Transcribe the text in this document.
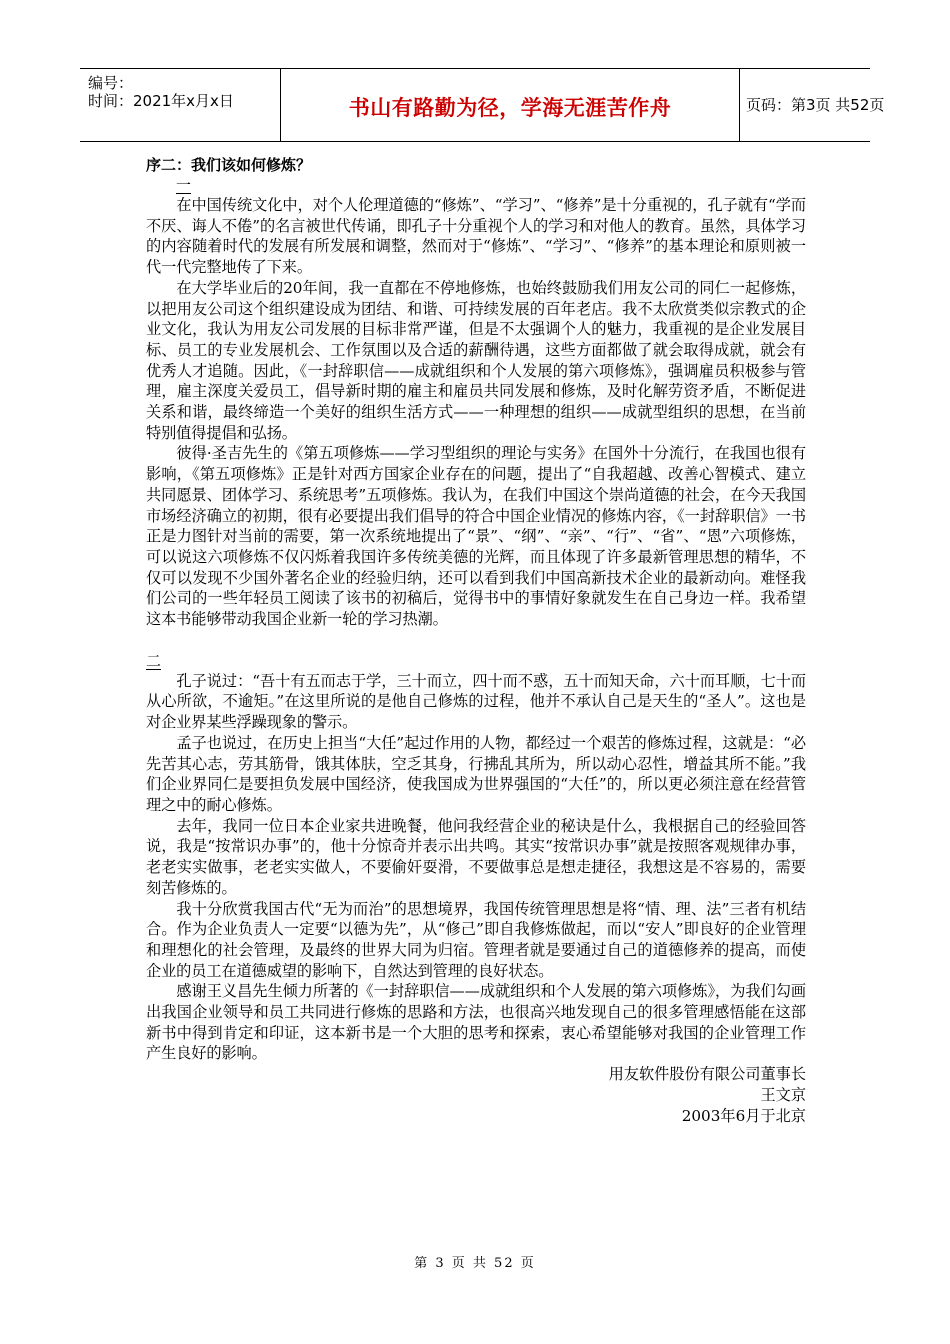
编号：
时间：2021年x月x日	书山有路勤为径，学海无涯苦作舟	页码：第3页 共52页
序二：我们该如何修炼？
一

在中国传统文化中，对个人伦理道德的“修炼”、“学习”、“修养”是十分重视的，孔子就有“学而不厌、诲人不倦”的名言被世代传诵，即孔子十分重视个人的学习和对他人的教育。虽然，具体学习的内容随着时代的发展有所发展和调整，然而对于“修炼”、“学习”、“修养”的基本理论和原则被一代一代完整地传了下来。

在大学毕业后的20年间，我一直都在不停地修炼，也始终鼓励我们用友公司的同仁一起修炼，以把用友公司这个组织建设成为团结、和谐、可持续发展的百年老店。我不太欣赏类似宗教式的企业文化，我认为用友公司发展的目标非常严谨，但是不太强调个人的魅力，我重视的是企业发展目标、员工的专业发展机会、工作氛围以及合适的薪酬待遇，这些方面都做了就会取得成就，就会有优秀人才追随。因此，《一封辞职信——成就组织和个人发展的第六项修炼》，强调雇员积极参与管理，雇主深度关爱员工，倡导新时期的雇主和雇员共同发展和修炼，及时化解劳资矛盾，不断促进关系和谐，最终缔造一个美好的组织生活方式——一种理想的组织——成就型组织的思想，在当前特别值得提倡和弘扬。

彼得·圣吉先生的《第五项修炼——学习型组织的理论与实务》在国外十分流行，在我国也很有影响，《第五项修炼》正是针对西方国家企业存在的问题，提出了“自我超越、改善心智模式、建立共同愿景、团体学习、系统思考”五项修炼。我认为，在我们中国这个崇尚道德的社会，在今天我国市场经济确立的初期，很有必要提出我们倡导的符合中国企业情况的修炼内容，《一封辞职信》一书正是力图针对当前的需要，第一次系统地提出了“景”、“纲”、“亲”、“行”、“省”、“恩”六项修炼，可以说这六项修炼不仅闪烁着我国许多传统美德的光辉，而且体现了许多最新管理思想的精华，不仅可以发现不少国外著名企业的经验归纳，还可以看到我们中国高新技术企业的最新动向。难怪我们公司的一些年轻员工阅读了该书的初稿后，觉得书中的事情好象就发生在自己身边一样。我希望这本书能够带动我国企业新一轮的学习热潮。

二

孔子说过：“吾十有五而志于学，三十而立，四十而不惑，五十而知天命，六十而耳顺，七十而从心所欲，不逾矩。”在这里所说的是他自己修炼的过程，他并不承认自己是天生的“圣人”。这也是对企业界某些浮躁现象的警示。

孟子也说过，在历史上担当“大任”起过作用的人物，都经过一个艰苦的修炼过程，这就是：“必先苦其心志，劳其筋骨，饿其体肤，空乏其身，行拂乱其所为，所以动心忍性，增益其所不能。”我们企业界同仁是要担负发展中国经济，使我国成为世界强国的“大任”的，所以更必须注意在经营管理之中的耐心修炼。

去年，我同一位日本企业家共进晚餐，他问我经营企业的秘诀是什么，我根据自己的经验回答说，我是“按常识办事”的，他十分惊奇并表示出共鸣。其实“按常识办事”就是按照客观规律办事，老老实实做事，老老实实做人，不要偷奸耍滑，不要做事总是想走捷径，我想这是不容易的，需要刻苦修炼的。

我十分欣赏我国古代“无为而治”的思想境界，我国传统管理思想是将“情、理、法”三者有机结合。作为企业负责人一定要“以德为先”，从“修己”即自我修炼做起，而以“安人”即良好的企业管理和理想化的社会管理，及最终的世界大同为归宿。管理者就是要通过自己的道德修养的提高，而使企业的员工在道德威望的影响下，自然达到管理的良好状态。

感谢王义昌先生倾力所著的《一封辞职信——成就组织和个人发展的第六项修炼》，为我们勾画出我国企业领导和员工共同进行修炼的思路和方法，也很高兴地发现自己的很多管理感悟能在这部新书中得到肯定和印证，这本新书是一个大胆的思考和探索，衷心希望能够对我国的企业管理工作产生良好的影响。

用友软件股份有限公司董事长
王文京
2003年6月于北京
第 3 页 共 52 页
